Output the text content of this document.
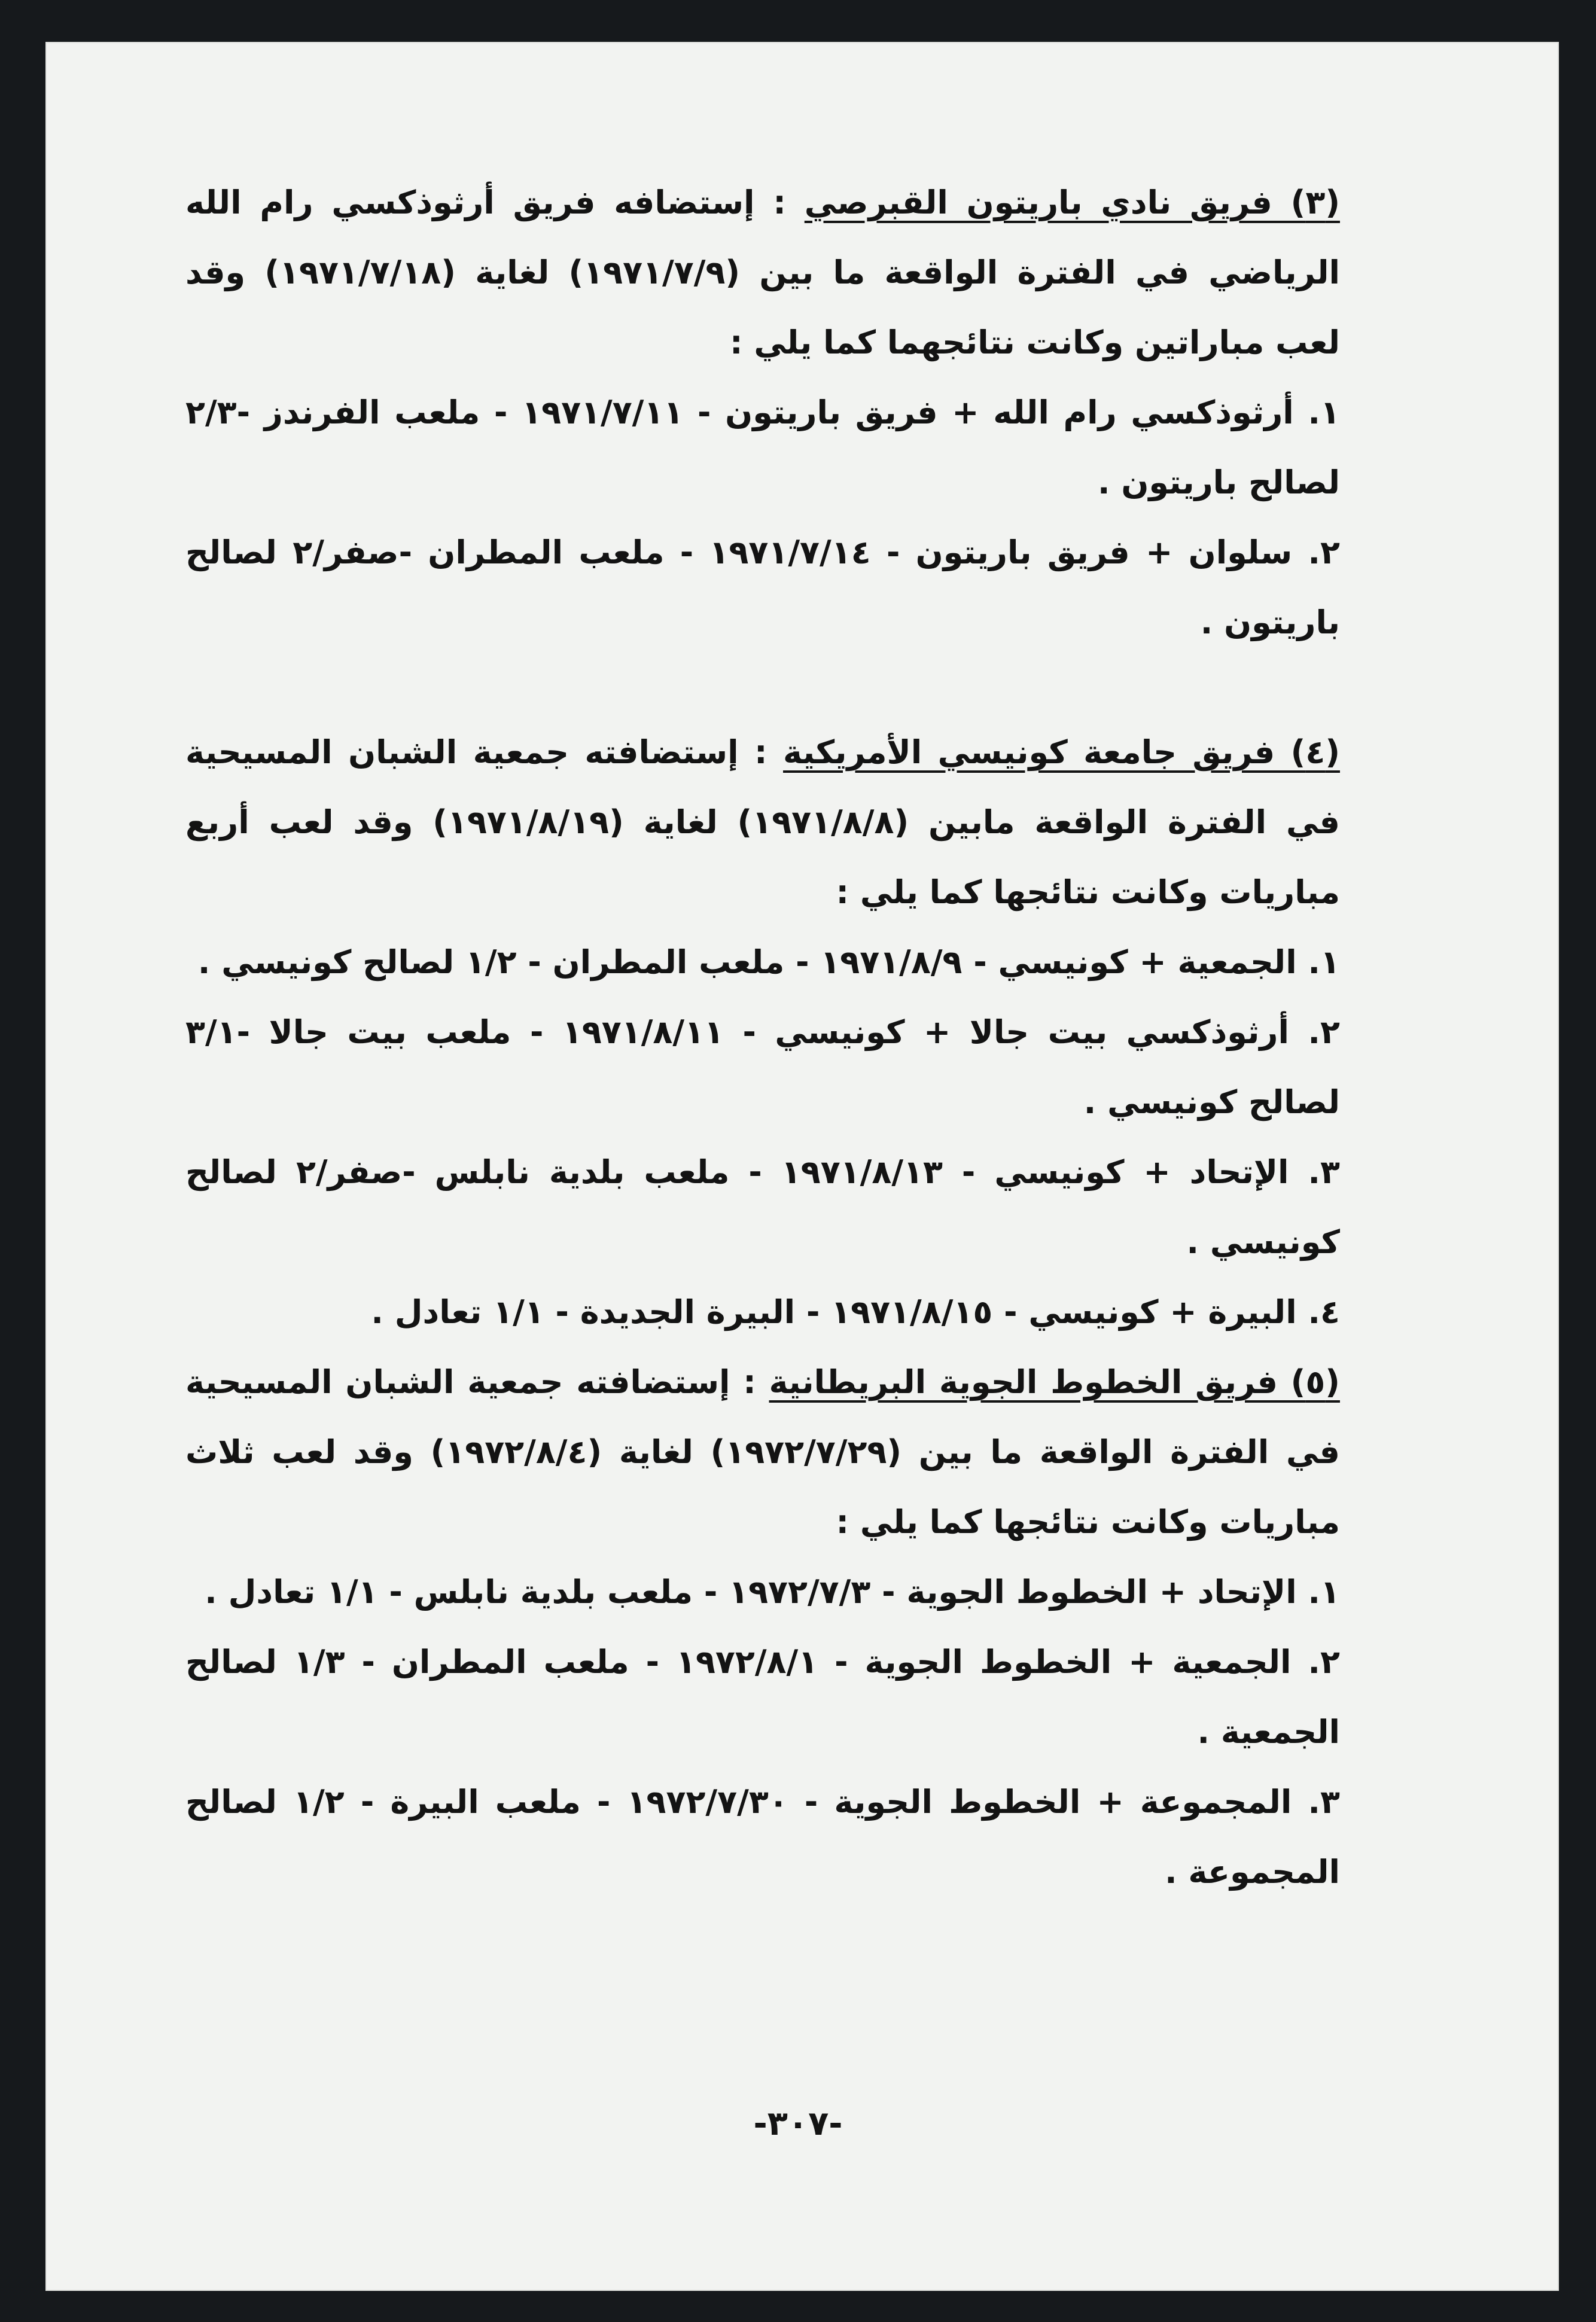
(٣) فريق نادي باريتون القبرصي : إستضافه فريق أرثوذكسي رام الله الرياضي في الفترة الواقعة ما بين (١٩٧١/٧/٩) لغاية (١٩٧١/٧/١٨) وقد لعب مباراتين وكانت نتائجهما كما يلي :

١. أرثوذكسي رام الله + فريق باريتون - ١٩٧١/٧/١١ - ملعب الفرندز -٢/٣ لصالح باريتون .

٢. سلوان + فريق باريتون - ١٩٧١/٧/١٤ - ملعب المطران -صفر/٢ لصالح باريتون .

(٤) فريق جامعة كونيسي الأمريكية : إستضافته جمعية الشبان المسيحية في الفترة الواقعة مابين (١٩٧١/٨/٨) لغاية (١٩٧١/٨/١٩) وقد لعب أربع مباريات وكانت نتائجها كما يلي :

١. الجمعية + كونيسي - ١٩٧١/٨/٩ - ملعب المطران - ١/٢ لصالح كونيسي .

٢. أرثوذكسي بيت جالا + كونيسي - ١٩٧١/٨/١١ - ملعب بيت جالا -٣/١ لصالح كونيسي .

٣. الإتحاد + كونيسي - ١٩٧١/٨/١٣ - ملعب بلدية نابلس -صفر/٢ لصالح كونيسي .

٤. البيرة + كونيسي - ١٩٧١/٨/١٥ - البيرة الجديدة - ١/١ تعادل .

(٥) فريق الخطوط الجوية البريطانية : إستضافته جمعية الشبان المسيحية في الفترة الواقعة ما بين (١٩٧٢/٧/٢٩) لغاية (١٩٧٢/٨/٤) وقد لعب ثلاث مباريات وكانت نتائجها كما يلي :

١. الإتحاد + الخطوط الجوية - ١٩٧٢/٧/٣ - ملعب بلدية نابلس - ١/١ تعادل .

٢. الجمعية + الخطوط الجوية - ١٩٧٢/٨/١ - ملعب المطران - ١/٣ لصالح الجمعية .

٣. المجموعة + الخطوط الجوية - ١٩٧٢/٧/٣٠ - ملعب البيرة - ١/٢ لصالح المجموعة .

-٣٠٧-
